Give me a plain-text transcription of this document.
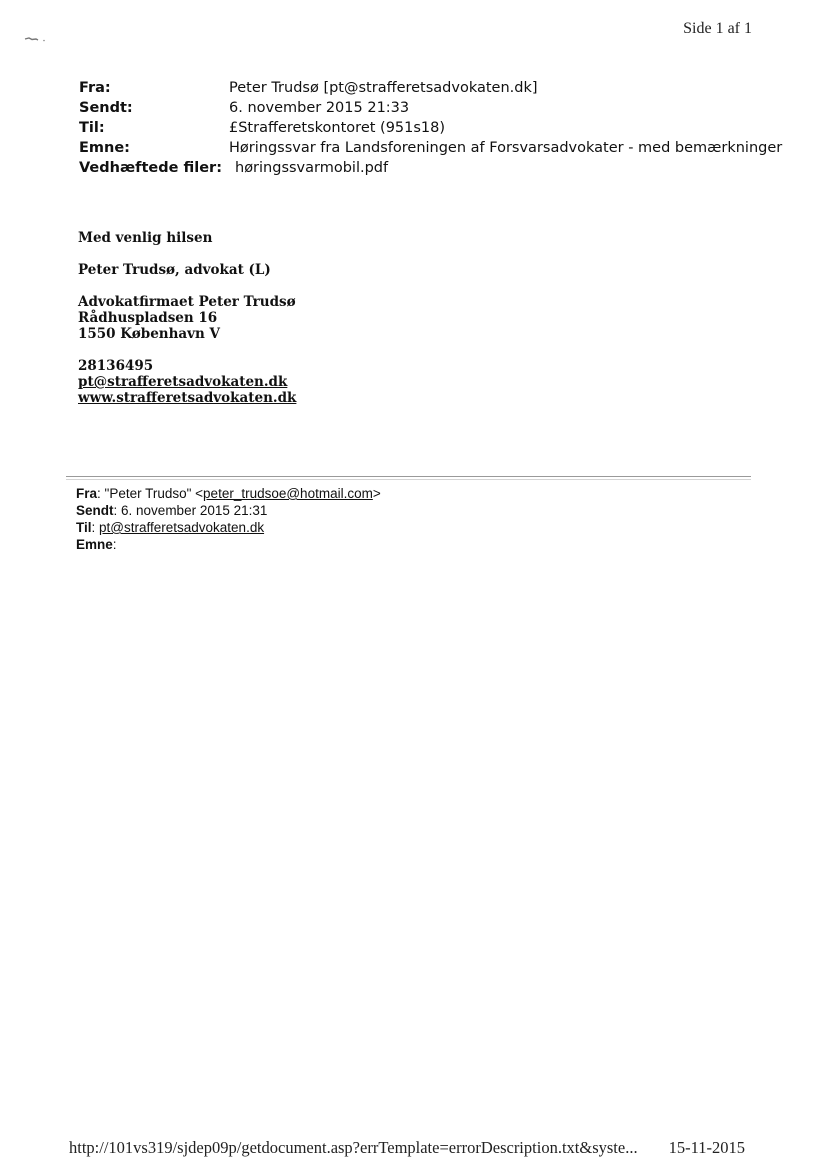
Side 1 af 1
Fra:	Peter Trudsø [pt@strafferetsadvokaten.dk]
Sendt:	6. november 2015 21:33
Til:	£Strafferetskontoret (951s18)
Emne:	Høringssvar fra Landsforeningen af Forsvarsadvokater - med bemærkninger
Vedhæftede filer: høringssvarmobil.pdf
Med venlig hilsen
Peter Trudsø, advokat (L)
Advokatfirmaet Peter Trudsø
Rådhuspladsen 16
1550 København V
28136495
pt@strafferetsadvokaten.dk
www.strafferetsadvokaten.dk
Fra: "Peter Trudso" <peter_trudsoe@hotmail.com>
Sendt: 6. november 2015 21:31
Til: pt@strafferetsadvokaten.dk
Emne:
http://101vs319/sjdep09p/getdocument.asp?errTemplate=errorDescription.txt&syste... 15-11-2015
